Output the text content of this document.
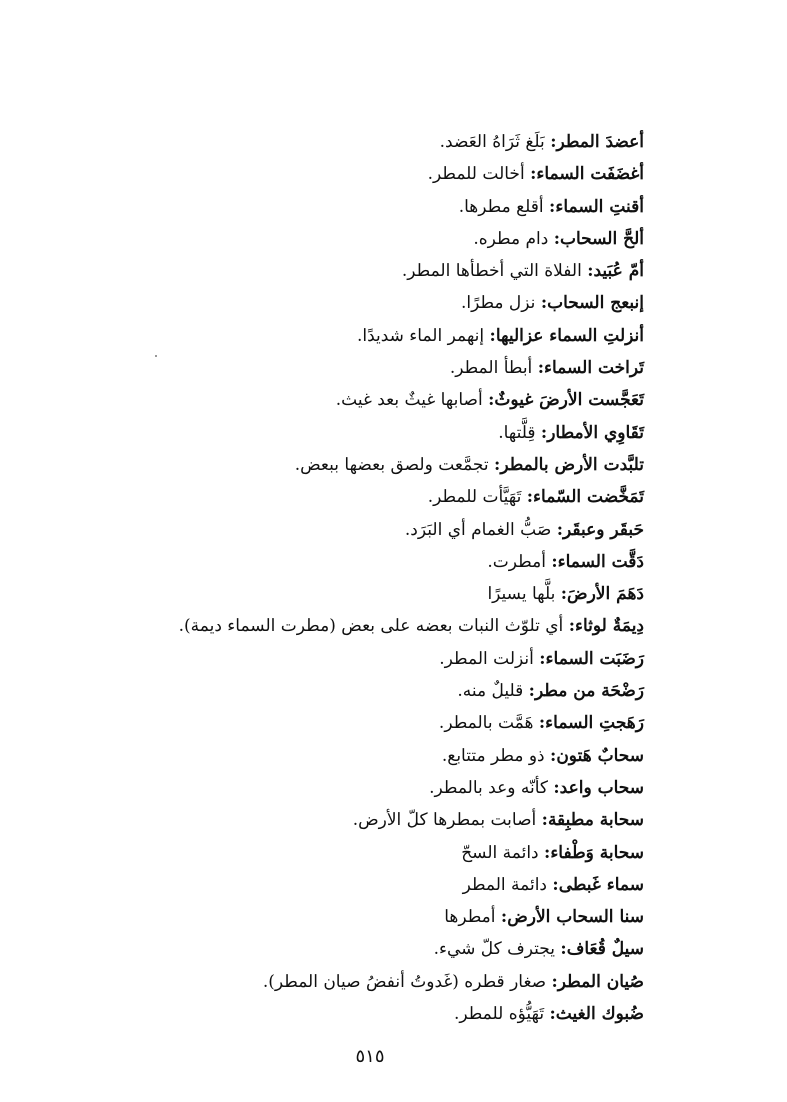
أعضدَ المطر: بَلَغ ثَرَاهُ العَضد.
أغضَفَت السماء: أخالت للمطر.
أقنتِ السماء: أقلع مطرها.
ألحَّ السحاب: دام مطره.
أمّ عُبَيد: الفلاة التي أخطأها المطر.
إنبعج السحاب: نزل مطرًا.
أنزلتِ السماء عزاليها: إنهمر الماء شديدًا.
تَراخت السماء: أبطأ المطر.
تَعَجَّست الأرضَ غيوثٌ: أصابها غيثٌ بعد غيث.
تَقَاوِي الأمطار: قِلَّتها.
تلبَّدت الأرض بالمطر: تجمَّعت ولصق بعضها ببعض.
تَمَخَّضت السّماء: تَهَيَّأت للمطر.
حَبقَر وعبقَر: صَبُّ الغمام أي البَرَد.
دَقَّت السماء: أمطرت.
دَهَمَ الأرضَ: بلَّها يسيرًا
دِيمَةٌ لوثاء: أي تلوّث النبات بعضه على بعض (مطرت السماء ديمة).
رَضَبَت السماء: أنزلت المطر.
رَضْحَة من مطر: قليلٌ منه.
رَهَجتِ السماء: هَمَّت بالمطر.
سحابٌ هَتون: ذو مطر متتابع.
سحاب واعد: كأنّه وعد بالمطر.
سحابة مطبِقة: أصابت بمطرها كلّ الأرض.
سحابة وَطْفاء: دائمة السحّ
سماء غَبطى: دائمة المطر
سنا السحاب الأرض: أمطرها
سيلٌ قُعَاف: يجترف كلّ شيء.
صُيان المطر: صغار قطره (غَدوتُ أنفضُ صيان المطر).
ضُبوك الغيث: تَهَيُّؤه للمطر.
٥١٥
